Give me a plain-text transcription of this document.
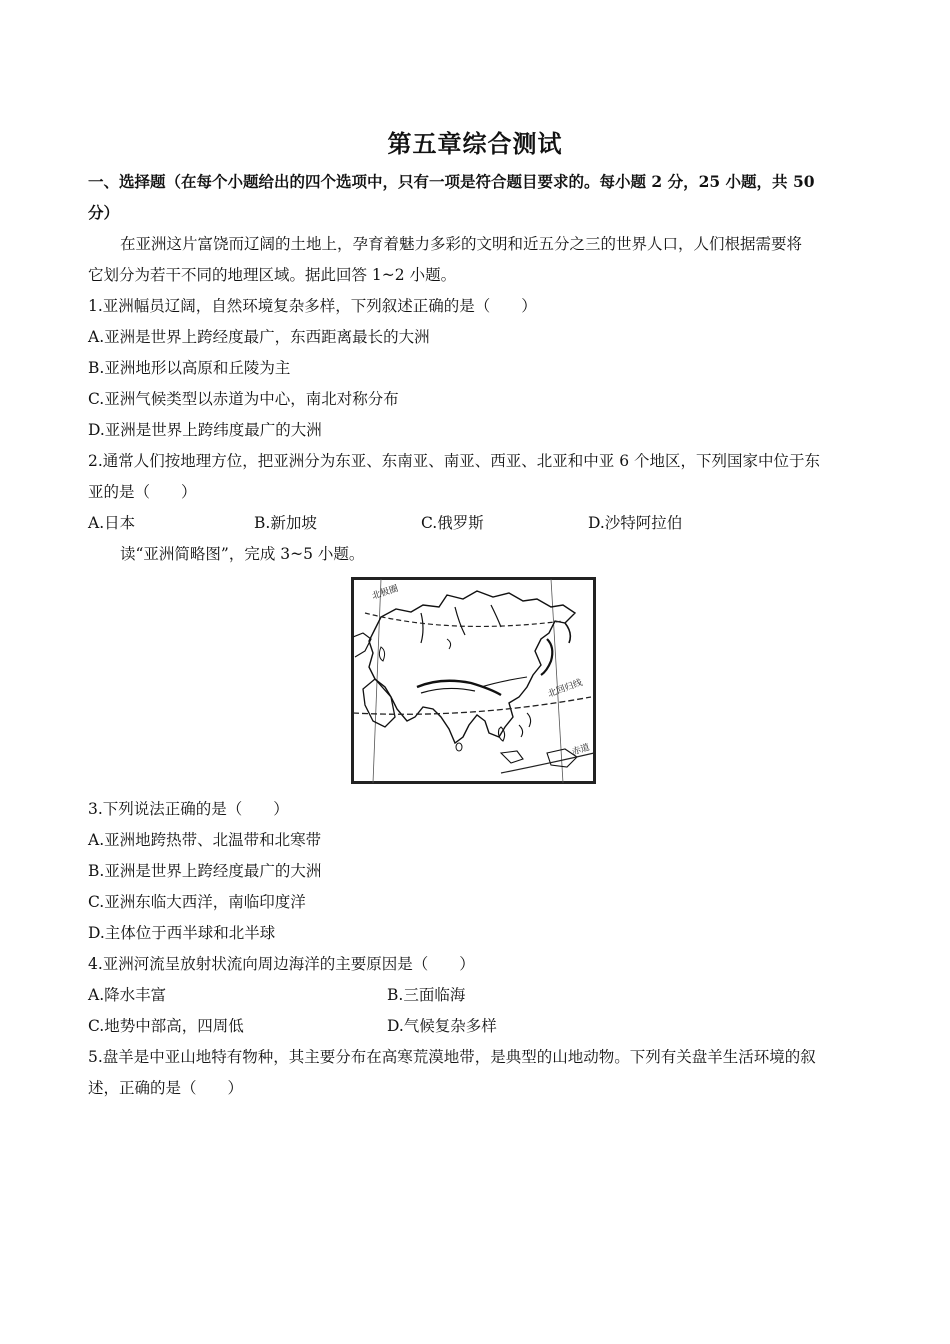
第五章综合测试
一、选择题（在每个小题给出的四个选项中，只有一项是符合题目要求的。每小题 2 分，25 小题，共 50
分）
在亚洲这片富饶而辽阔的土地上，孕育着魅力多彩的文明和近五分之三的世界人口，人们根据需要将
它划分为若干不同的地理区域。据此回答 1~2 小题。
1.亚洲幅员辽阔，自然环境复杂多样，下列叙述正确的是（　　）
A.亚洲是世界上跨经度最广，东西距离最长的大洲
B.亚洲地形以高原和丘陵为主
C.亚洲气候类型以赤道为中心，南北对称分布
D.亚洲是世界上跨纬度最广的大洲
2.通常人们按地理方位，把亚洲分为东亚、东南亚、南亚、西亚、北亚和中亚 6 个地区，下列国家中位于东
亚的是（　　）
A.日本	B.新加坡	C.俄罗斯	D.沙特阿拉伯
读“亚洲简略图”，完成 3~5 小题。
北极圈
北回归线
赤道
3.下列说法正确的是（　　）
A.亚洲地跨热带、北温带和北寒带
B.亚洲是世界上跨经度最广的大洲
C.亚洲东临大西洋，南临印度洋
D.主体位于西半球和北半球
4.亚洲河流呈放射状流向周边海洋的主要原因是（　　）
A.降水丰富	B.三面临海
C.地势中部高，四周低	D.气候复杂多样
5.盘羊是中亚山地特有物种，其主要分布在高寒荒漠地带，是典型的山地动物。下列有关盘羊生活环境的叙
述，正确的是（　　）
